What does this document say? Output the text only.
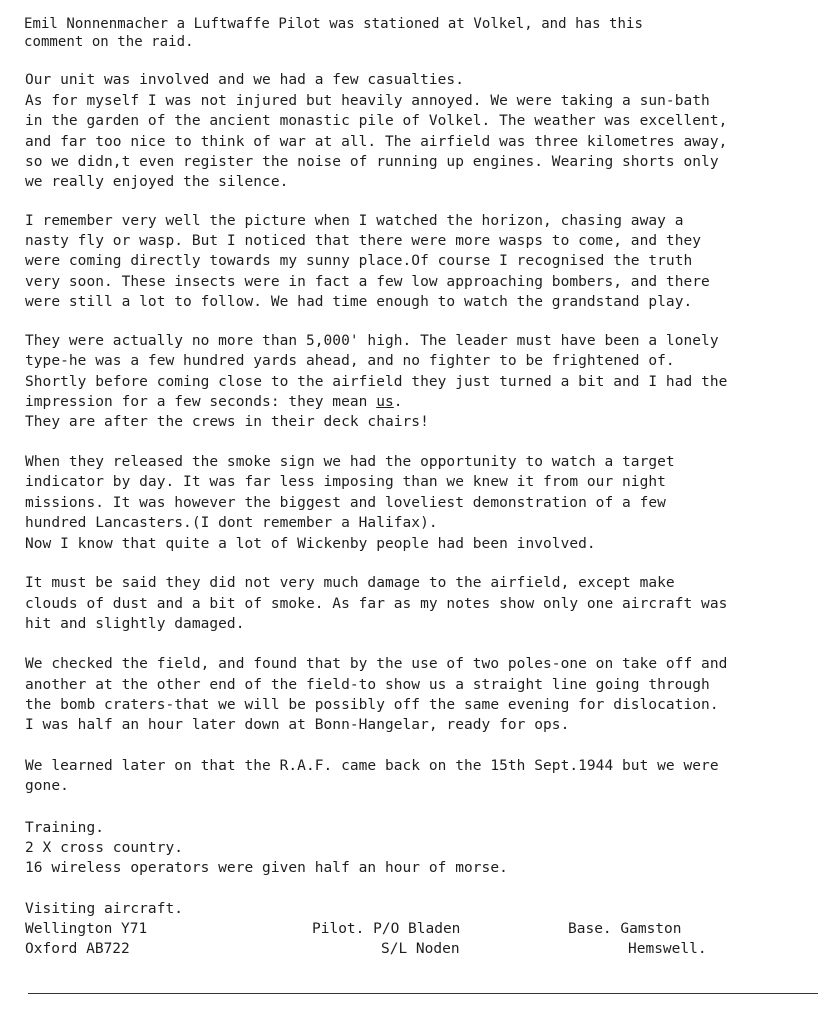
Emil Nonnenmacher a Luftwaffe Pilot was stationed at Volkel, and has this
comment on the raid.
Our unit was involved and we had a few casualties.
As for myself I was not injured but heavily annoyed. We were taking a sun-bath
in the garden of the ancient monastic pile of Volkel. The weather was excellent,
and far too nice to think of war at all. The airfield was three kilometres away,
so we didn,t even register the noise of running up engines. Wearing shorts only
we really enjoyed the silence.
I remember very well the picture when I watched the horizon, chasing away a
nasty fly or wasp. But I noticed that there were more wasps to come, and they
were coming directly towards my sunny place.Of course I recognised the truth
very soon. These insects were in fact a few low approaching bombers, and there
were still a lot to follow. We had time enough to watch the grandstand play.
They were actually no more than 5,000' high. The leader must have been a lonely
type-he was a few hundred yards ahead, and no fighter to be frightened of.
Shortly before coming close to the airfield they just turned a bit and I had the
impression for a few seconds: they mean us.
They are after the crews in their deck chairs!
When they released the smoke sign we had the opportunity to watch a target
indicator by day. It was far less imposing than we knew it from our night
missions. It was however the biggest and loveliest demonstration of a few
hundred Lancasters.(I dont remember a Halifax).
Now I know that quite a lot of Wickenby people had been involved.
It must be said they did not very much damage to the airfield, except make
clouds of dust and a bit of smoke. As far as my notes show only one aircraft was
hit and slightly damaged.
We checked the field, and found that by the use of two poles-one on take off and
another at the other end of the field-to show us a straight line going through
the bomb craters-that we will be possibly off the same evening for dislocation.
I was half an hour later down at Bonn-Hangelar, ready for ops.
We learned later on that the R.A.F. came back on the 15th Sept.1944 but we were
gone.
Training.
2 X cross country.
16 wireless operators were given half an hour of morse.
Visiting aircraft.
Wellington Y71	Pilot. P/O Bladen	Base. Gamston
Oxford AB722	S/L Noden	Hemswell.
